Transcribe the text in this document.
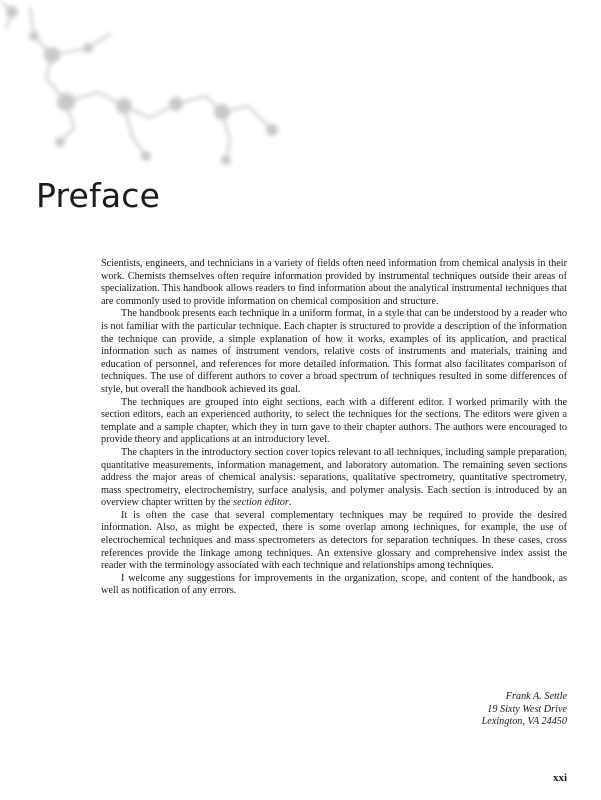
Preface

Scientists, engineers, and technicians in a variety of fields often need information from chemical analysis in their work. Chemists themselves often require information provided by instrumental techniques outside their areas of specialization. This handbook allows readers to find information about the analytical instrumental techniques that are commonly used to provide information on chemical composition and structure.

The handbook presents each technique in a uniform format, in a style that can be understood by a reader who is not familiar with the particular technique. Each chapter is structured to provide a description of the information the technique can provide, a simple explanation of how it works, examples of its application, and practical information such as names of instrument vendors, relative costs of instruments and materials, training and education of personnel, and references for more detailed information. This format also facilitates comparison of techniques. The use of different authors to cover a broad spectrum of techniques resulted in some differences of style, but overall the handbook achieved its goal.

The techniques are grouped into eight sections, each with a different editor. I worked primarily with the section editors, each an experienced authority, to select the techniques for the sections. The editors were given a template and a sample chapter, which they in turn gave to their chapter authors. The authors were encouraged to provide theory and applications at an introductory level.

The chapters in the introductory section cover topics relevant to all techniques, including sample preparation, quantitative measurements, information management, and laboratory automation. The remaining seven sections address the major areas of chemical analysis: separations, qualitative spectrometry, quantitative spectrometry, mass spectrometry, electrochemistry, surface analysis, and polymer analysis. Each section is introduced by an overview chapter written by the section editor.

It is often the case that several complementary techniques may be required to provide the desired information. Also, as might be expected, there is some overlap among techniques, for example, the use of electrochemical techniques and mass spectrometers as detectors for separation techniques. In these cases, cross references provide the linkage among techniques. An extensive glossary and comprehensive index assist the reader with the terminology associated with each technique and relationships among techniques.

I welcome any suggestions for improvements in the organization, scope, and content of the handbook, as well as notification of any errors.

Frank A. Settle
19 Sixty West Drive
Lexington, VA 24450
xxi
